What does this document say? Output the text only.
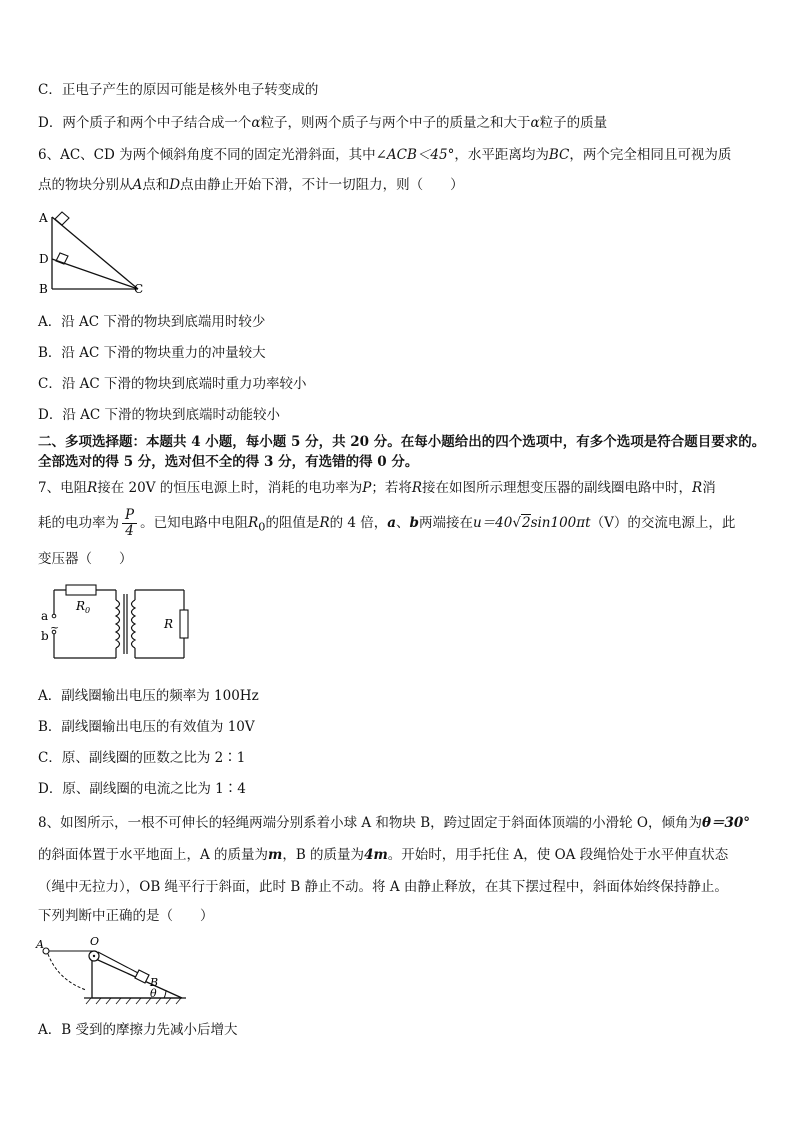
C．正电子产生的原因可能是核外电子转变成的
D．两个质子和两个中子结合成一个α粒子，则两个质子与两个中子的质量之和大于α粒子的质量
6、AC、CD 为两个倾斜角度不同的固定光滑斜面，其中∠ACB＜45°，水平距离均为BC，两个完全相同且可视为质
点的物块分别从A点和D点由静止开始下滑，不计一切阻力，则（　　）
A
D
B	C
A．沿 AC 下滑的物块到底端用时较少
B．沿 AC 下滑的物块重力的冲量较大
C．沿 AC 下滑的物块到底端时重力功率较小
D．沿 AC 下滑的物块到底端时动能较小
二、多项选择题：本题共 4 小题，每小题 5 分，共 20 分。在每小题给出的四个选项中，有多个选项是符合题目要求的。
全部选对的得 5 分，选对但不全的得 3 分，有选错的得 0 分。
7、电阻R接在 20V 的恒压电源上时，消耗的电功率为P；若将R接在如图所示理想变压器的副线圈电路中时，R消
耗的电功率为 $\frac{P}{4}$ 。已知电路中电阻$R_0$的阻值是R的 4 倍，a、b两端接在u＝40√2sin100πt（V）的交流电源上，此
变压器（　　）
a
b
~
$R_0$
R
A．副线圈输出电压的频率为 100Hz
B．副线圈输出电压的有效值为 10V
C．原、副线圈的匝数之比为 2∶1
D．原、副线圈的电流之比为 1∶4
8、如图所示，一根不可伸长的轻绳两端分别系着小球 A 和物块 B，跨过固定于斜面体顶端的小滑轮 O，倾角为θ＝30°
的斜面体置于水平地面上，A 的质量为m，B 的质量为4m。开始时，用手托住 A，使 OA 段绳恰处于水平伸直状态
（绳中无拉力），OB 绳平行于斜面，此时 B 静止不动。将 A 由静止释放，在其下摆过程中，斜面体始终保持静止。
下列判断中正确的是（　　）
A	O
B
θ
A．B 受到的摩擦力先减小后增大
